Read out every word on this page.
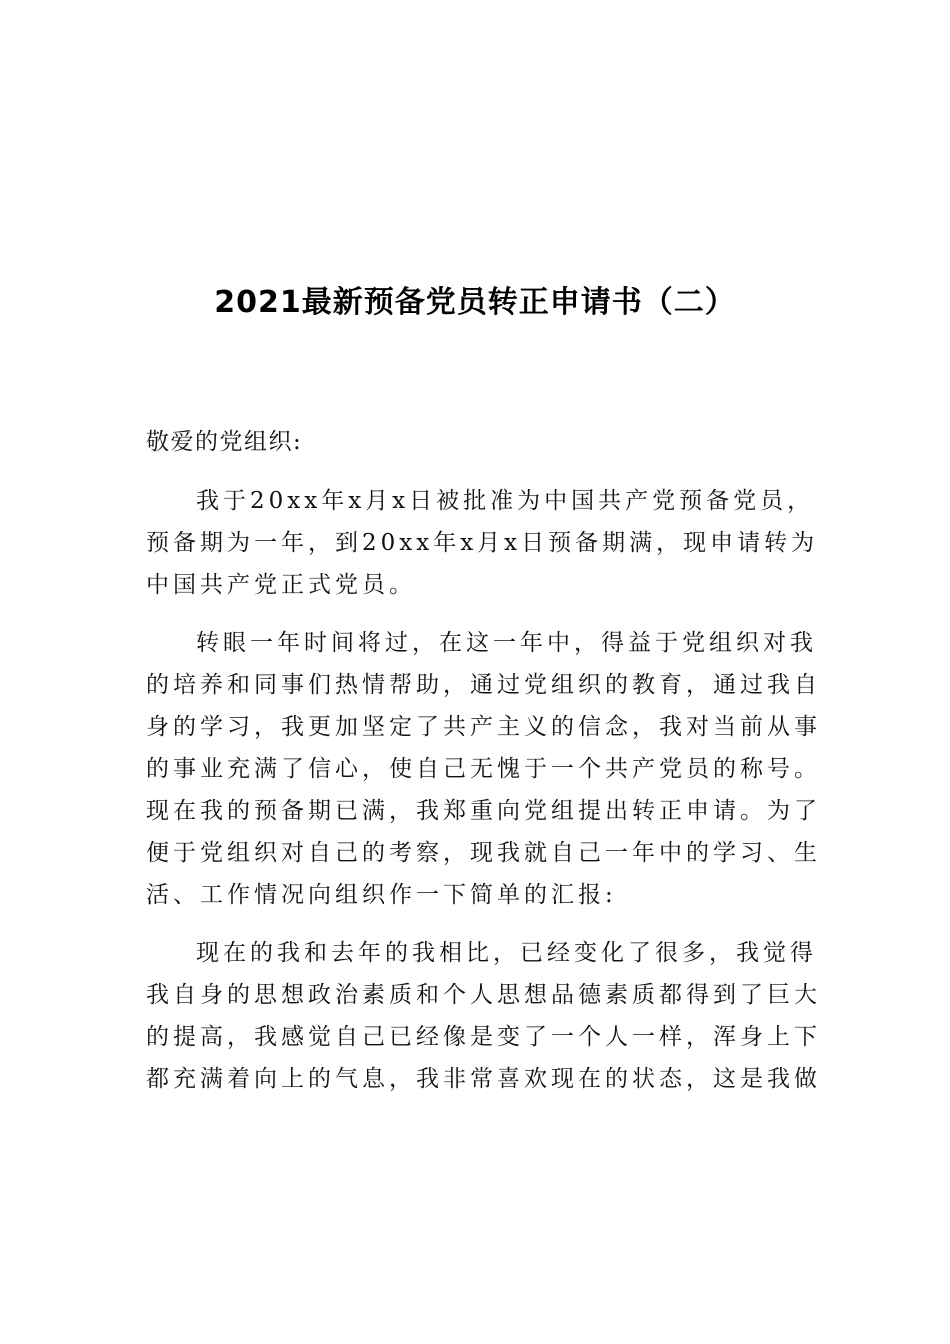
2021最新预备党员转正申请书（二）

敬爱的党组织:

我于20xx年x月x日被批准为中国共产党预备党员，
预备期为一年，到20xx年x月x日预备期满，现申请转为
中国共产党正式党员。

转眼一年时间将过，在这一年中，得益于党组织对我
的培养和同事们热情帮助，通过党组织的教育，通过我自
身的学习，我更加坚定了共产主义的信念，我对当前从事
的事业充满了信心，使自己无愧于一个共产党员的称号。
现在我的预备期已满，我郑重向党组提出转正申请。为了
便于党组织对自己的考察，现我就自己一年中的学习、生
活、工作情况向组织作一下简单的汇报:

现在的我和去年的我相比，已经变化了很多，我觉得
我自身的思想政治素质和个人思想品德素质都得到了巨大
的提高，我感觉自己已经像是变了一个人一样，浑身上下
都充满着向上的气息，我非常喜欢现在的状态，这是我做
